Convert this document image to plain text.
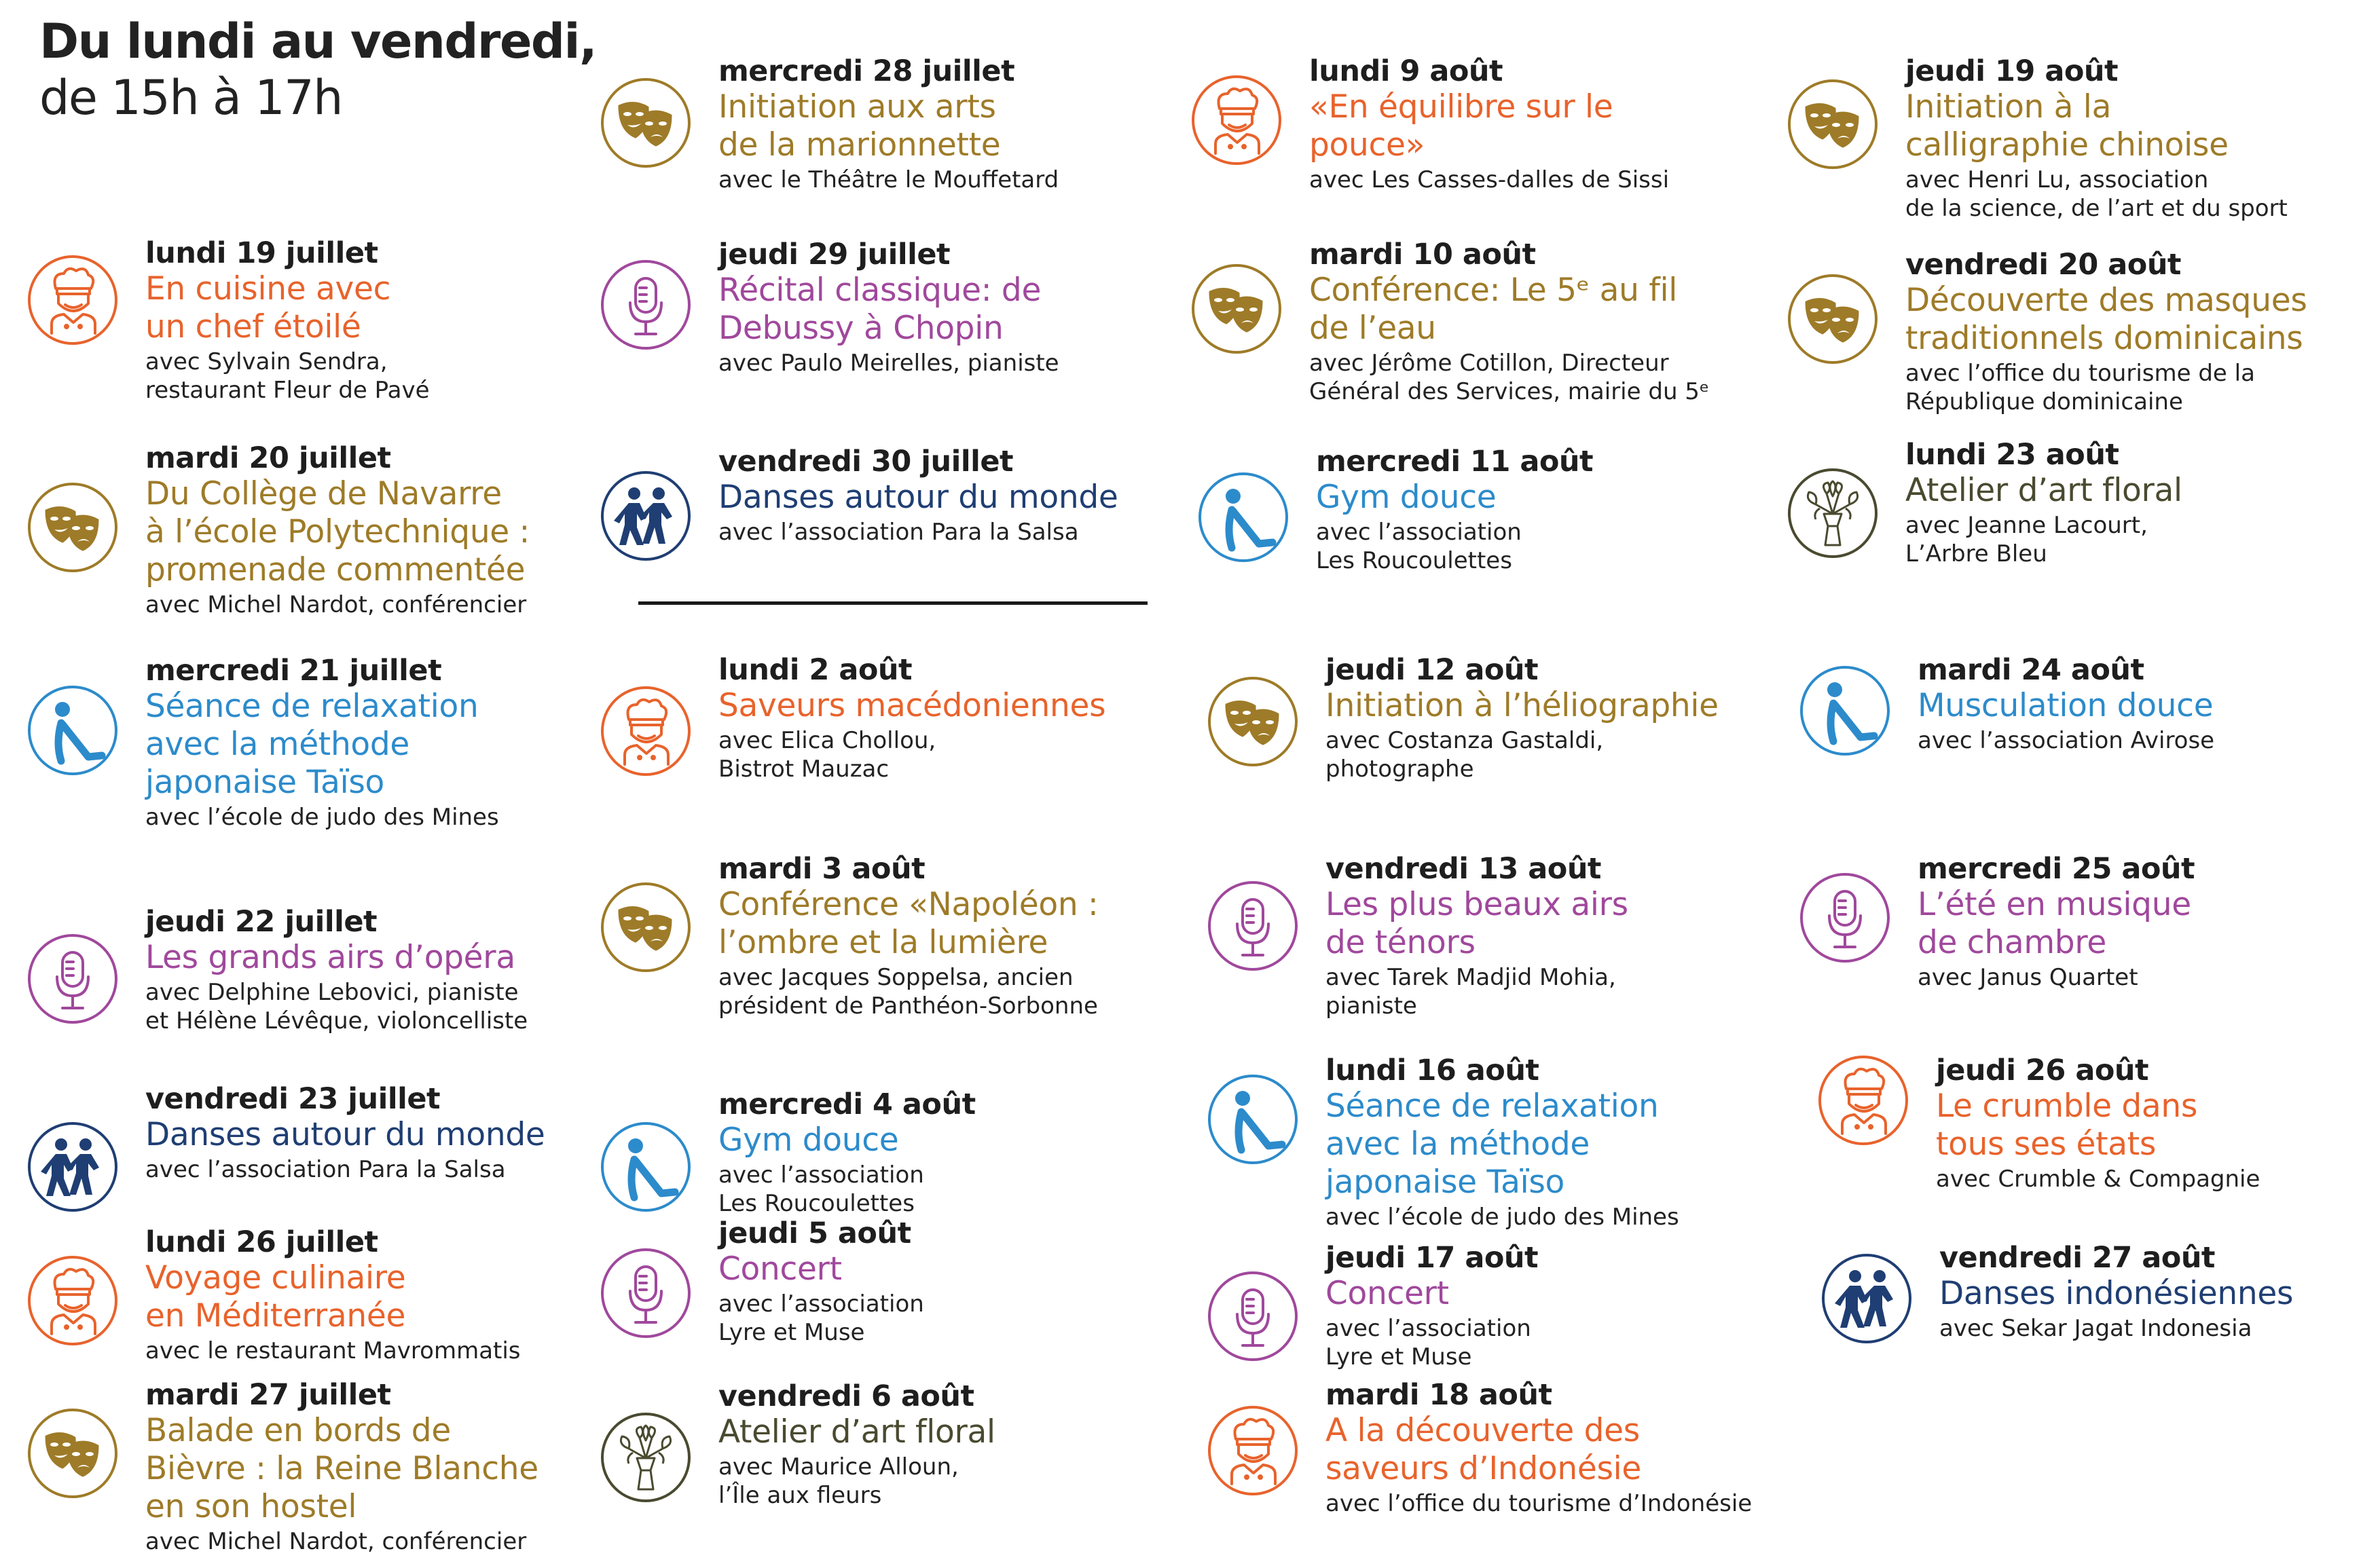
Du lundi au vendredi,
de 15h à 17h
lundi 19 juillet
En cuisine avec
un chef étoilé
avec Sylvain Sendra,
restaurant Fleur de Pavé
mardi 20 juillet
Du Collège de Navarre
à l’école Polytechnique :
promenade commentée
avec Michel Nardot, conférencier
mercredi 21 juillet
Séance de relaxation
avec la méthode
japonaise Taïso
avec l’école de judo des Mines
jeudi 22 juillet
Les grands airs d’opéra
avec Delphine Lebovici, pianiste
et Hélène Lévêque, violoncelliste
vendredi 23 juillet
Danses autour du monde
avec l’association Para la Salsa
lundi 26 juillet
Voyage culinaire
en Méditerranée
avec le restaurant Mavrommatis
mardi 27 juillet
Balade en bords de
Bièvre : la Reine Blanche
en son hostel
avec Michel Nardot, conférencier
mercredi 28 juillet
Initiation aux arts
de la marionnette
avec le Théâtre le Mouffetard
jeudi 29 juillet
Récital classique: de
Debussy à Chopin
avec Paulo Meirelles, pianiste
vendredi 30 juillet
Danses autour du monde
avec l’association Para la Salsa
lundi 2 août
Saveurs macédoniennes
avec Elica Chollou,
Bistrot Mauzac
mardi 3 août
Conférence «Napoléon :
l’ombre et la lumière
avec Jacques Soppelsa, ancien
président de Panthéon-Sorbonne
mercredi 4 août
Gym douce
avec l’association
Les Roucoulettes
jeudi 5 août
Concert
avec l’association
Lyre et Muse
vendredi 6 août
Atelier d’art floral
avec Maurice Alloun,
l’Île aux fleurs
lundi 9 août
«En équilibre sur le
pouce»
avec Les Casses-dalles de Sissi
mardi 10 août
Conférence: Le 5ᵉ au fil
de l’eau
avec Jérôme Cotillon, Directeur
Général des Services, mairie du 5ᵉ
mercredi 11 août
Gym douce
avec l’association
Les Roucoulettes
jeudi 12 août
Initiation à l’héliographie
avec Costanza Gastaldi,
photographe
vendredi 13 août
Les plus beaux airs
de ténors
avec Tarek Madjid Mohia,
pianiste
lundi 16 août
Séance de relaxation
avec la méthode
japonaise Taïso
avec l’école de judo des Mines
jeudi 17 août
Concert
avec l’association
Lyre et Muse
mardi 18 août
A la découverte des
saveurs d’Indonésie
avec l’office du tourisme d’Indonésie
jeudi 19 août
Initiation à la
calligraphie chinoise
avec Henri Lu, association
de la science, de l’art et du sport
vendredi 20 août
Découverte des masques
traditionnels dominicains
avec l’office du tourisme de la
République dominicaine
lundi 23 août
Atelier d’art floral
avec Jeanne Lacourt,
L’Arbre Bleu
mardi 24 août
Musculation douce
avec l’association Avirose
mercredi 25 août
L’été en musique
de chambre
avec Janus Quartet
jeudi 26 août
Le crumble dans
tous ses états
avec Crumble & Compagnie
vendredi 27 août
Danses indonésiennes
avec Sekar Jagat Indonesia
